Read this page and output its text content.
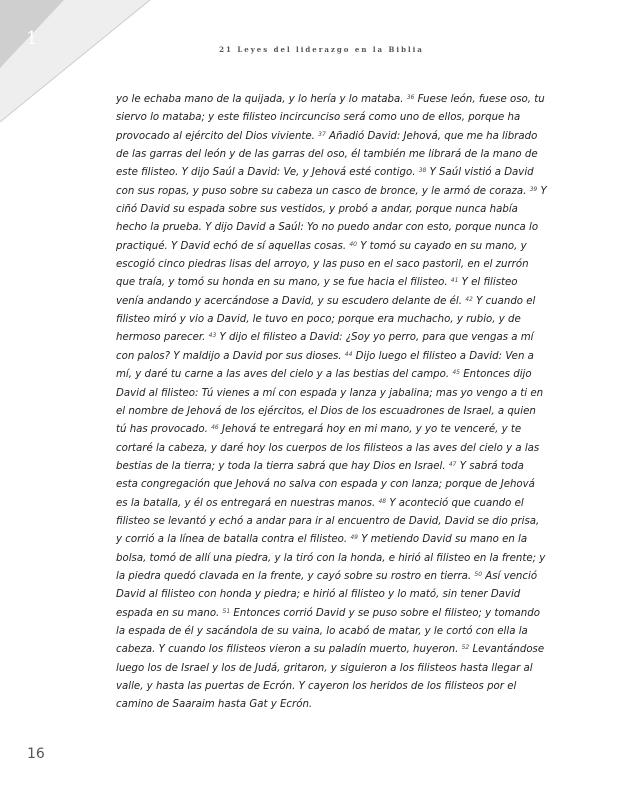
1
21 Leyes del liderazgo en la Biblia

yo le echaba mano de la quijada, y lo hería y lo mataba. $^{36}$ Fuese león, fuese oso, tu siervo lo mataba; y este filisteo incircunciso será como uno de ellos, porque ha provocado al ejército del Dios viviente. $^{37}$ Añadió David: Jehová, que me ha librado de las garras del león y de las garras del oso, él también me librará de la mano de este filisteo. Y dijo Saúl a David: Ve, y Jehová esté contigo. $^{38}$ Y Saúl vistió a David con sus ropas, y puso sobre su cabeza un casco de bronce, y le armó de coraza. $^{39}$ Y ciñó David su espada sobre sus vestidos, y probó a andar, porque nunca había hecho la prueba. Y dijo David a Saúl: Yo no puedo andar con esto, porque nunca lo practiqué. Y David echó de sí aquellas cosas. $^{40}$ Y tomó su cayado en su mano, y escogió cinco piedras lisas del arroyo, y las puso en el saco pastoril, en el zurrón que traía, y tomó su honda en su mano, y se fue hacia el filisteo. $^{41}$ Y el filisteo venía andando y acercándose a David, y su escudero delante de él. $^{42}$ Y cuando el filisteo miró y vio a David, le tuvo en poco; porque era muchacho, y rubio, y de hermoso parecer. $^{43}$ Y dijo el filisteo a David: ¿Soy yo perro, para que vengas a mí con palos? Y maldijo a David por sus dioses. $^{44}$ Dijo luego el filisteo a David: Ven a mí, y daré tu carne a las aves del cielo y a las bestias del campo. $^{45}$ Entonces dijo David al filisteo: Tú vienes a mí con espada y lanza y jabalina; mas yo vengo a ti en el nombre de Jehová de los ejércitos, el Dios de los escuadrones de Israel, a quien tú has provocado. $^{46}$ Jehová te entregará hoy en mi mano, y yo te venceré, y te cortaré la cabeza, y daré hoy los cuerpos de los filisteos a las aves del cielo y a las bestias de la tierra; y toda la tierra sabrá que hay Dios en Israel. $^{47}$ Y sabrá toda esta congregación que Jehová no salva con espada y con lanza; porque de Jehová es la batalla, y él os entregará en nuestras manos. $^{48}$ Y aconteció que cuando el filisteo se levantó y echó a andar para ir al encuentro de David, David se dio prisa, y corrió a la línea de batalla contra el filisteo. $^{49}$ Y metiendo David su mano en la bolsa, tomó de allí una piedra, y la tiró con la honda, e hirió al filisteo en la frente; y la piedra quedó clavada en la frente, y cayó sobre su rostro en tierra. $^{50}$ Así venció David al filisteo con honda y piedra; e hirió al filisteo y lo mató, sin tener David espada en su mano. $^{51}$ Entonces corrió David y se puso sobre el filisteo; y tomando la espada de él y sacándola de su vaina, lo acabó de matar, y le cortó con ella la cabeza. Y cuando los filisteos vieron a su paladín muerto, huyeron. $^{52}$ Levantándose luego los de Israel y los de Judá, gritaron, y siguieron a los filisteos hasta llegar al valle, y hasta las puertas de Ecrón. Y cayeron los heridos de los filisteos por el camino de Saaraim hasta Gat y Ecrón.

16
